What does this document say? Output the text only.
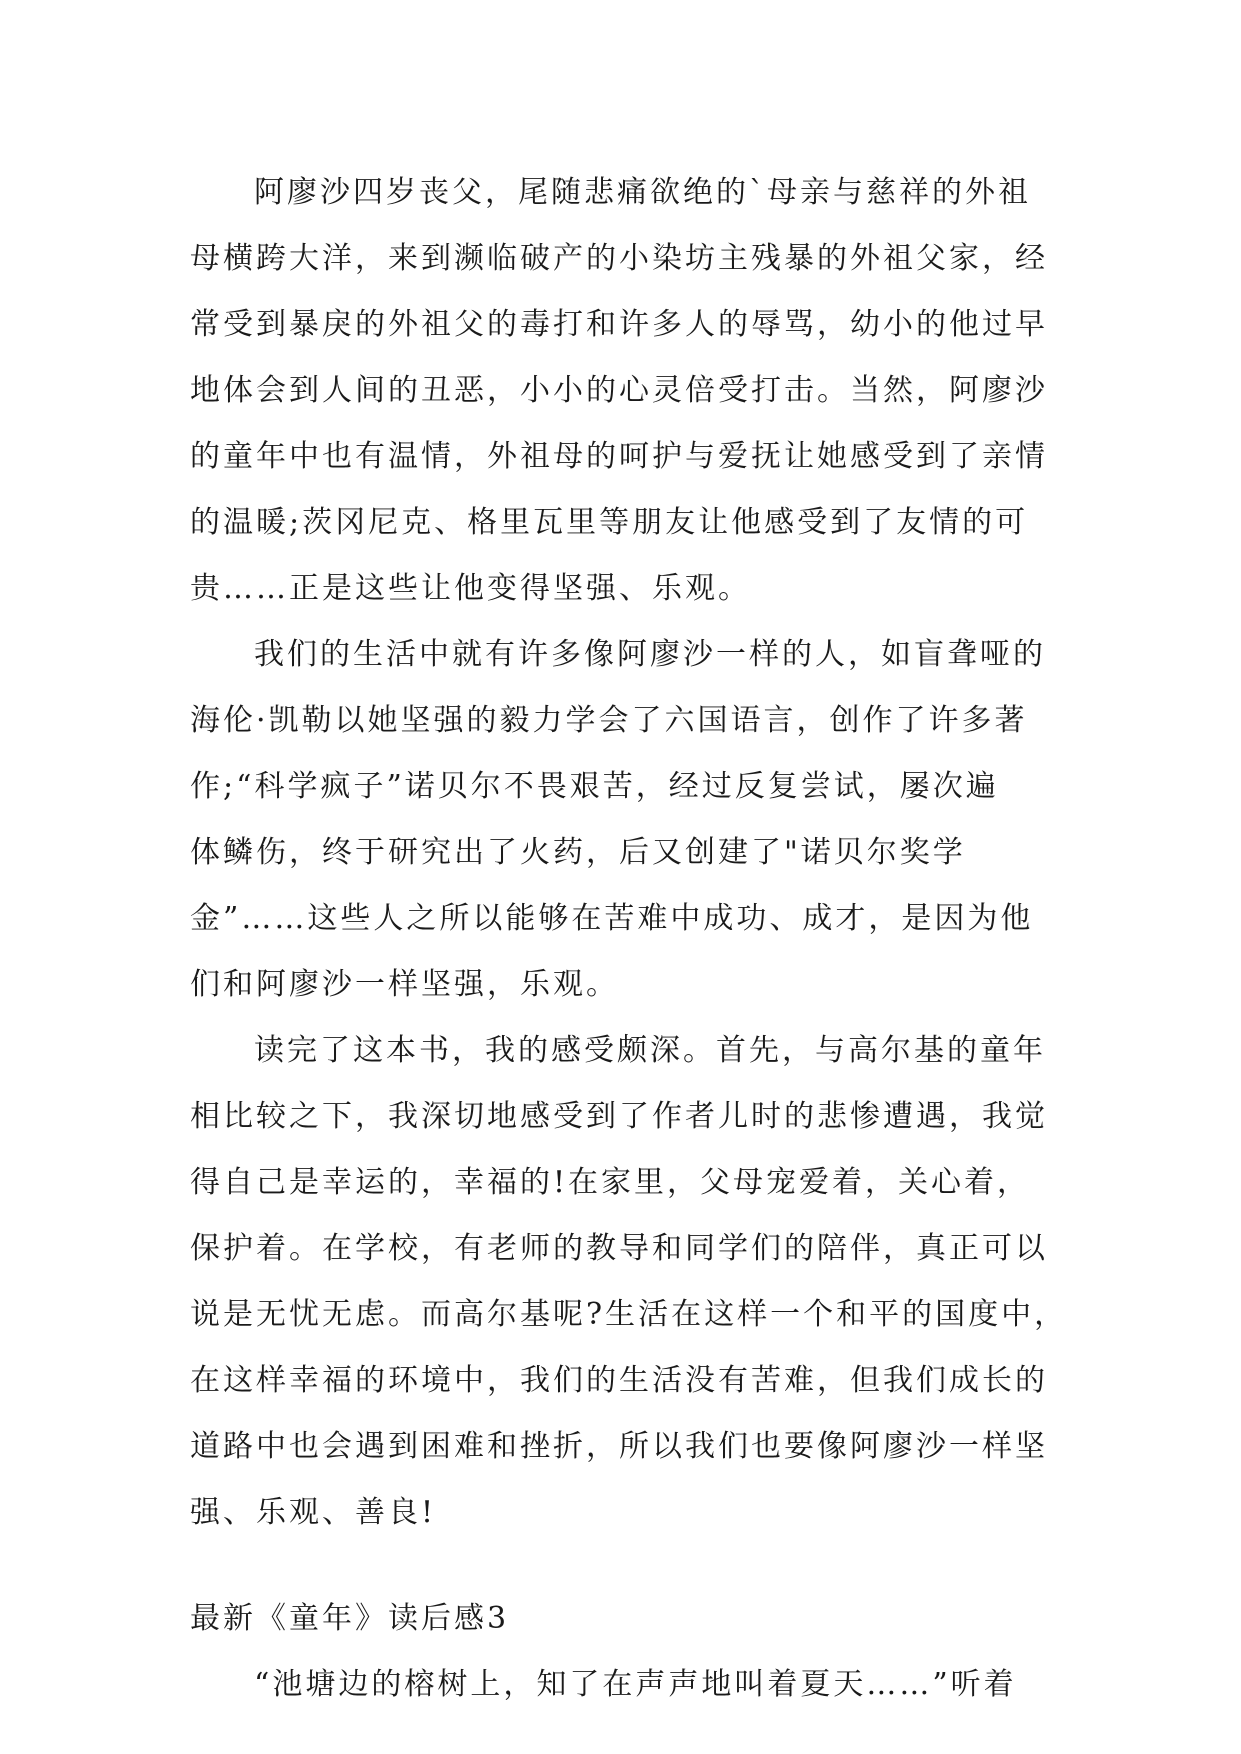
阿廖沙四岁丧父，尾随悲痛欲绝的`母亲与慈祥的外祖
母横跨大洋，来到濒临破产的小染坊主残暴的外祖父家，经
常受到暴戾的外祖父的毒打和许多人的辱骂，幼小的他过早
地体会到人间的丑恶，小小的心灵倍受打击。当然，阿廖沙
的童年中也有温情，外祖母的呵护与爱抚让她感受到了亲情
的温暖;茨冈尼克、格里瓦里等朋友让他感受到了友情的可
贵……正是这些让他变得坚强、乐观。
我们的生活中就有许多像阿廖沙一样的人，如盲聋哑的
海伦·凯勒以她坚强的毅力学会了六国语言，创作了许多著
作;“科学疯子”诺贝尔不畏艰苦，经过反复尝试，屡次遍
体鳞伤，终于研究出了火药，后又创建了"诺贝尔奖学
金”……这些人之所以能够在苦难中成功、成才，是因为他
们和阿廖沙一样坚强，乐观。
读完了这本书，我的感受颇深。首先，与高尔基的童年
相比较之下，我深切地感受到了作者儿时的悲惨遭遇，我觉
得自己是幸运的，幸福的!在家里，父母宠爱着，关心着，
保护着。在学校，有老师的教导和同学们的陪伴，真正可以
说是无忧无虑。而高尔基呢?生活在这样一个和平的国度中，
在这样幸福的环境中，我们的生活没有苦难，但我们成长的
道路中也会遇到困难和挫折，所以我们也要像阿廖沙一样坚
强、乐观、善良!
最新《童年》读后感3
“池塘边的榕树上，知了在声声地叫着夏天……”听着
